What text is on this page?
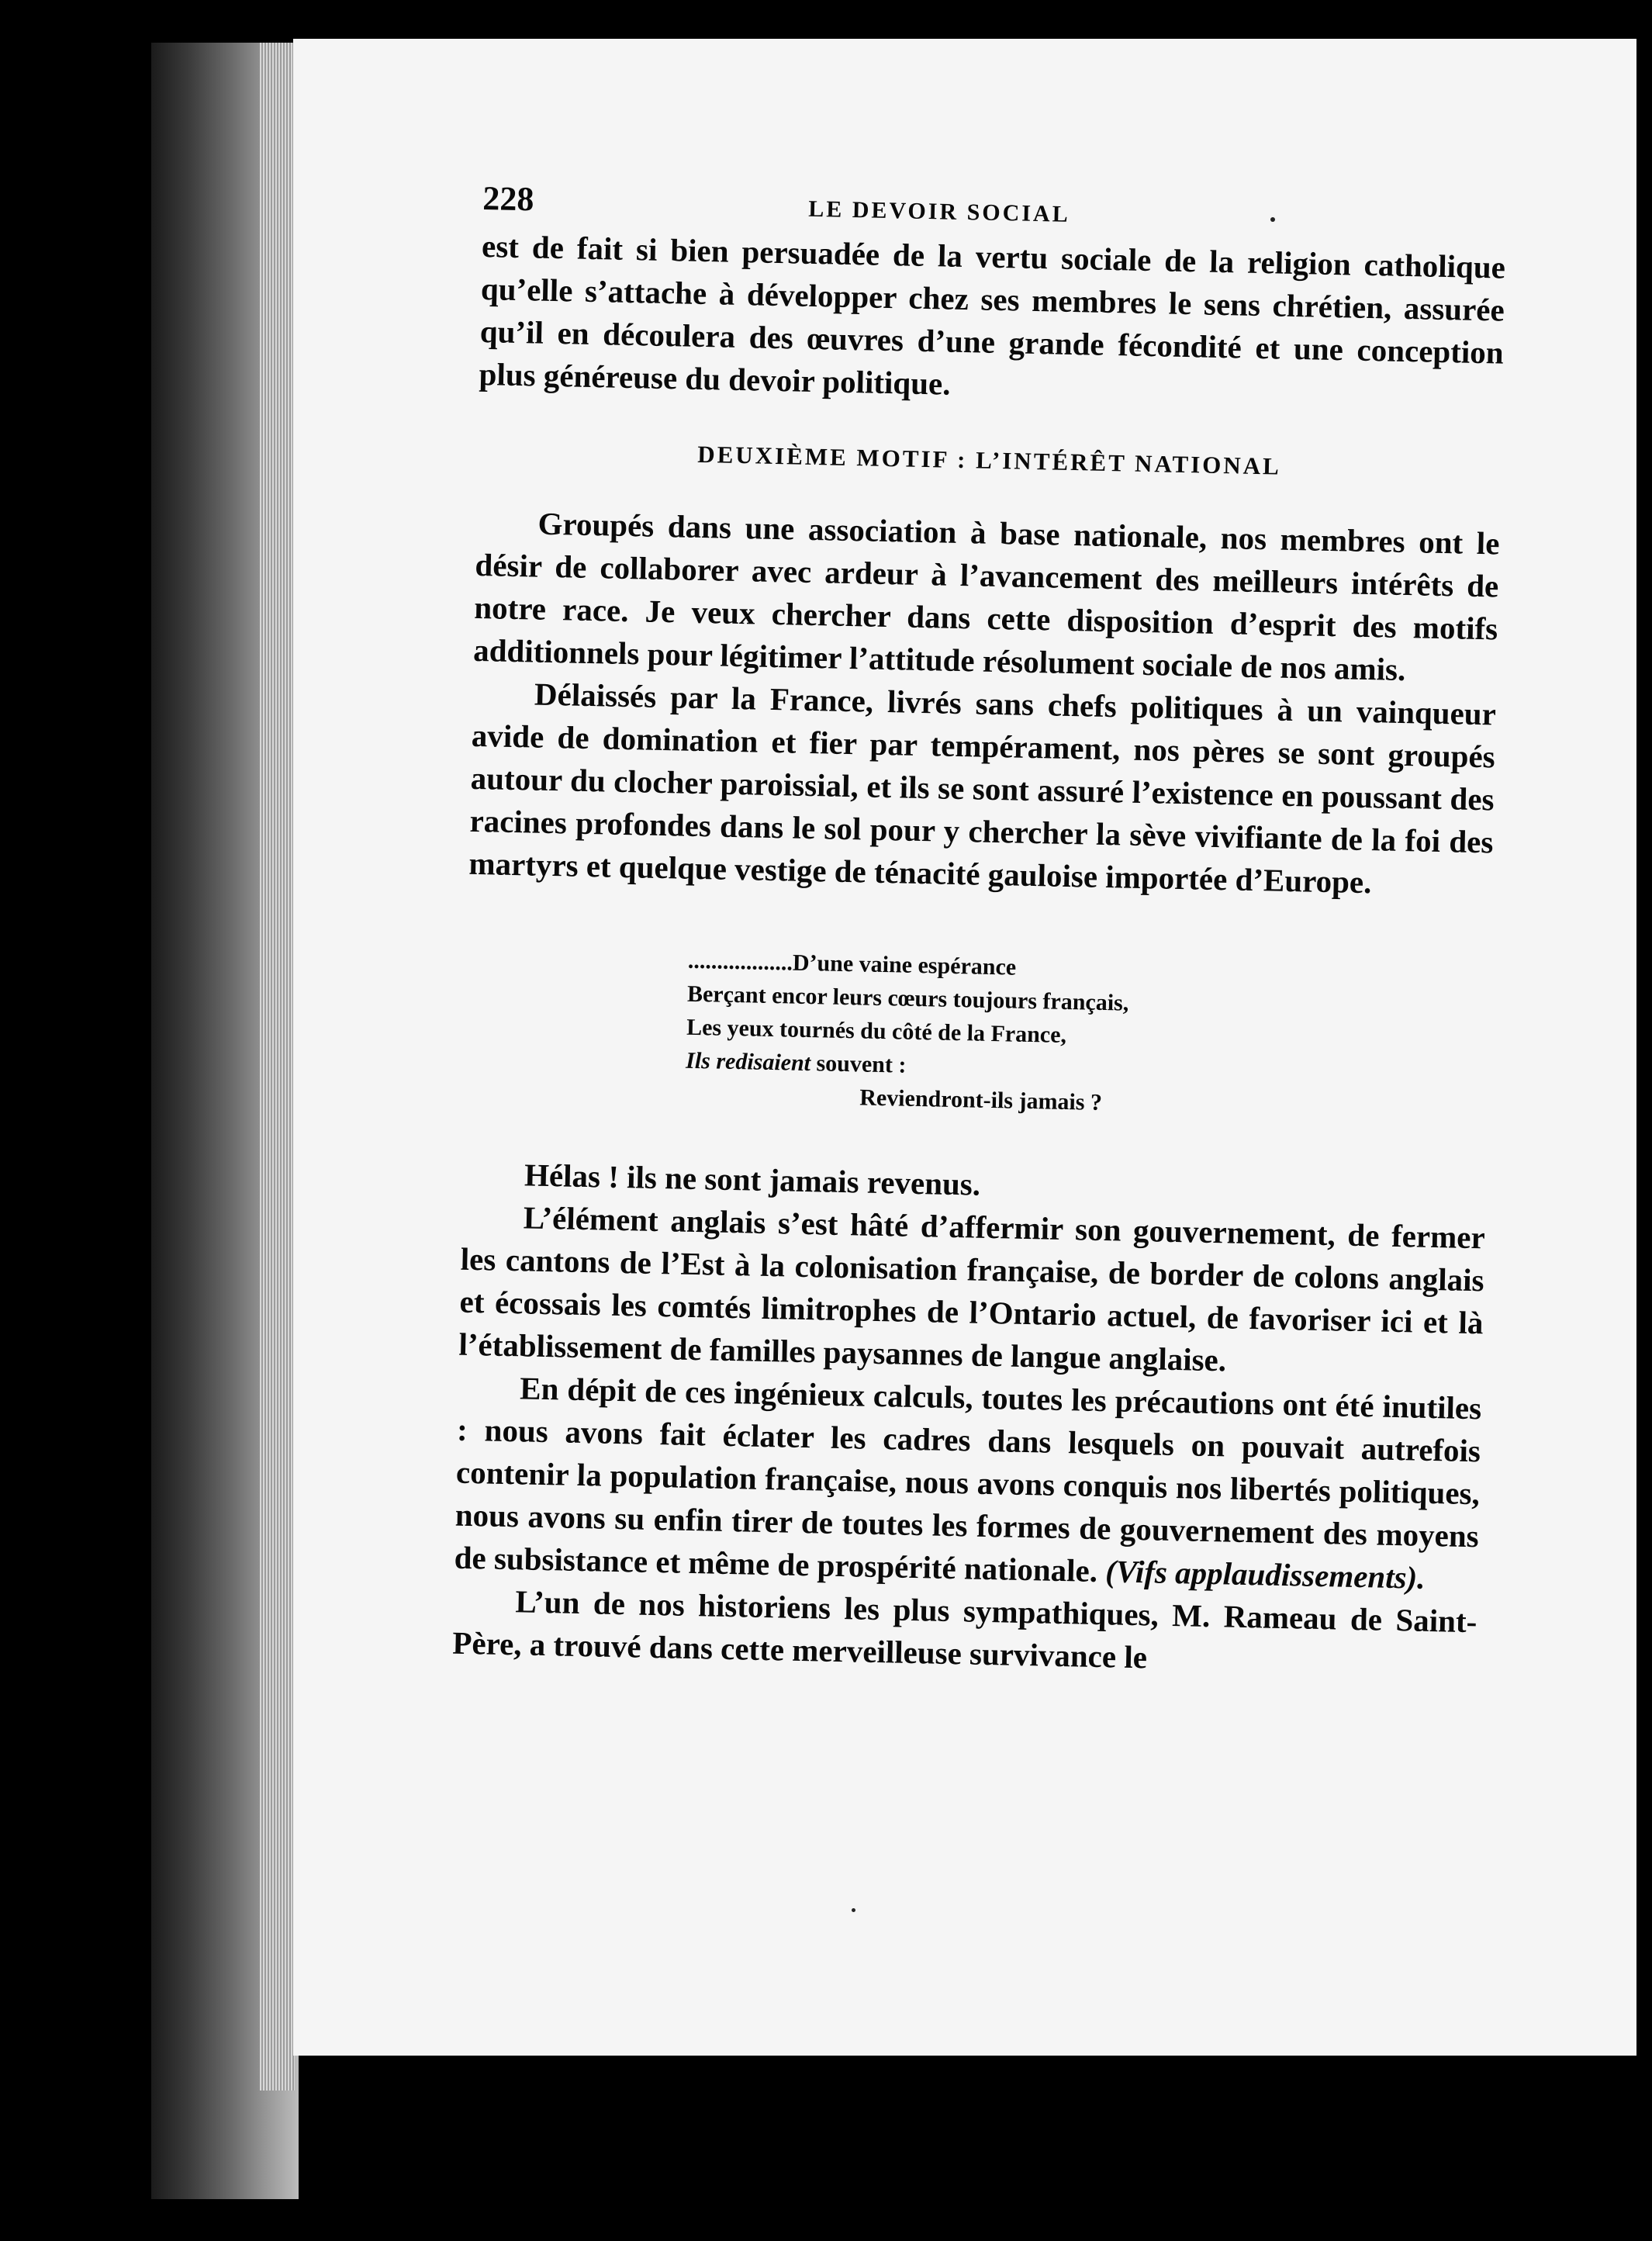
228	LE DEVOIR SOCIAL

est de fait si bien persuadée de la vertu sociale de la religion catholique qu’elle s’attache à développer chez ses membres le sens chrétien, assurée qu’il en découlera des œuvres d’une grande fécondité et une conception plus généreuse du devoir politique.

DEUXIÈME MOTIF : L’INTÉRÊT NATIONAL

Groupés dans une association à base nationale, nos membres ont le désir de collaborer avec ardeur à l’avancement des meilleurs intérêts de notre race. Je veux chercher dans cette disposition d’esprit des motifs additionnels pour légitimer l’attitude résolument sociale de nos amis.

Délaissés par la France, livrés sans chefs politiques à un vainqueur avide de domination et fier par tempérament, nos pères se sont groupés autour du clocher paroissial, et ils se sont assuré l’existence en poussant des racines profondes dans le sol pour y chercher la sève vivifiante de la foi des martyrs et quelque vestige de ténacité gauloise importée d’Europe.

..................D’une vaine espérance
Berçant encor leurs cœurs toujours français,
Les yeux tournés du côté de la France,
Ils redisaient souvent :
Reviendront-ils jamais ?

Hélas ! ils ne sont jamais revenus.

L’élément anglais s’est hâté d’affermir son gouvernement, de fermer les cantons de l’Est à la colonisation française, de border de colons anglais et écossais les comtés limitrophes de l’Ontario actuel, de favoriser ici et là l’établissement de familles paysannes de langue anglaise.

En dépit de ces ingénieux calculs, toutes les précautions ont été inutiles : nous avons fait éclater les cadres dans lesquels on pouvait autrefois contenir la population française, nous avons conquis nos libertés politiques, nous avons su enfin tirer de toutes les formes de gouvernement des moyens de subsistance et même de prospérité nationale. (Vifs applaudissements).

L’un de nos historiens les plus sympathiques, M. Rameau de Saint-Père, a trouvé dans cette merveilleuse survivance le
